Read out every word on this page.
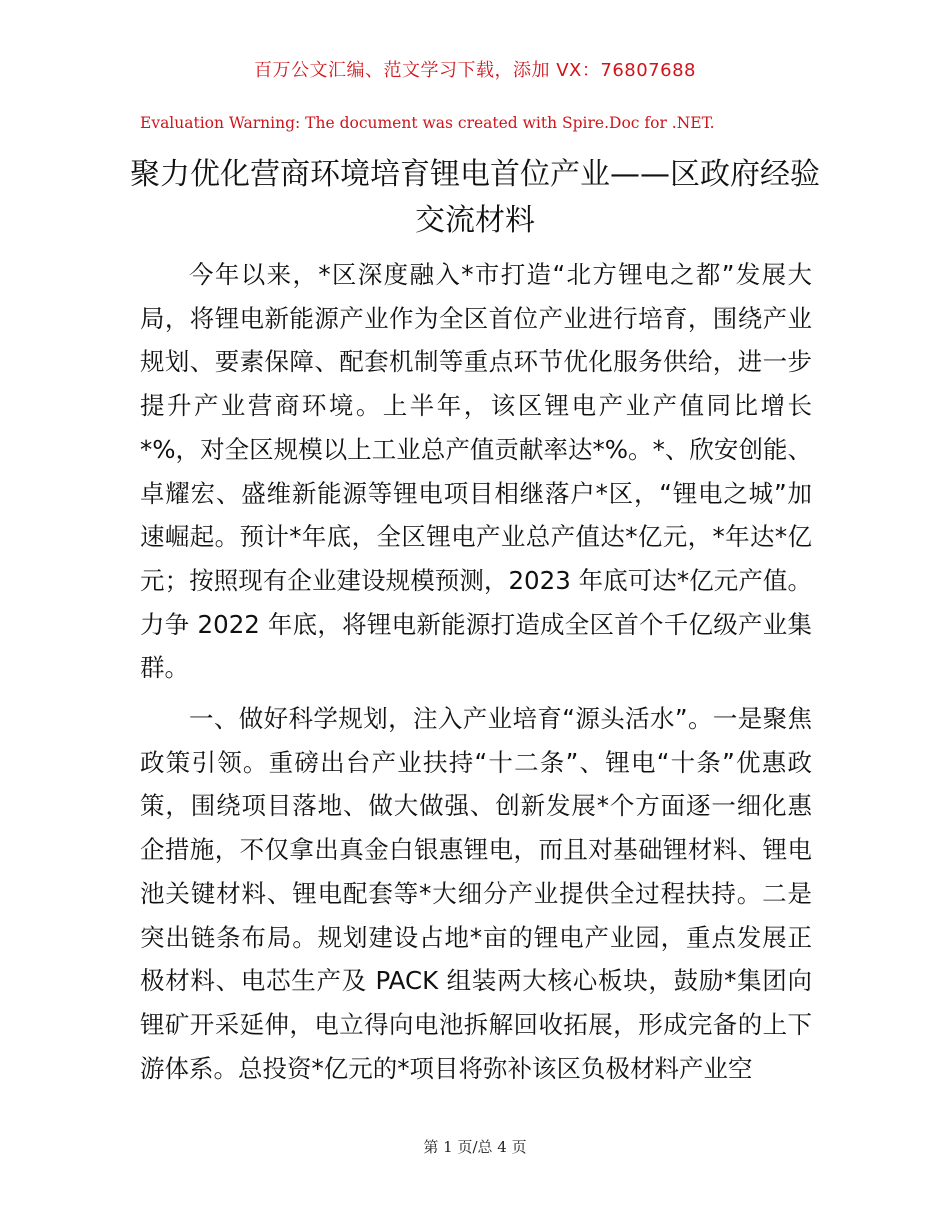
百万公文汇编、范文学习下载，添加 VX：76807688
Evaluation Warning: The document was created with Spire.Doc for .NET.
聚力优化营商环境培育锂电首位产业——区政府经验交流材料

今年以来，*区深度融入*市打造“北方锂电之都”发展大局，将锂电新能源产业作为全区首位产业进行培育，围绕产业规划、要素保障、配套机制等重点环节优化服务供给，进一步提升产业营商环境。上半年，该区锂电产业产值同比增长*%，对全区规模以上工业总产值贡献率达*%。*、欣安创能、卓耀宏、盛维新能源等锂电项目相继落户*区，“锂电之城”加速崛起。预计*年底，全区锂电产业总产值达*亿元，*年达*亿元；按照现有企业建设规模预测，2023 年底可达*亿元产值。力争 2022 年底，将锂电新能源打造成全区首个千亿级产业集群。

一、做好科学规划，注入产业培育“源头活水”。一是聚焦政策引领。重磅出台产业扶持“十二条”、锂电“十条”优惠政策，围绕项目落地、做大做强、创新发展*个方面逐一细化惠企措施，不仅拿出真金白银惠锂电，而且对基础锂材料、锂电池关键材料、锂电配套等*大细分产业提供全过程扶持。二是突出链条布局。规划建设占地*亩的锂电产业园，重点发展正极材料、电芯生产及 PACK 组装两大核心板块，鼓励*集团向锂矿开采延伸，电立得向电池拆解回收拓展，形成完备的上下游体系。总投资*亿元的*项目将弥补该区负极材料产业空

第 1 页/总 4 页
